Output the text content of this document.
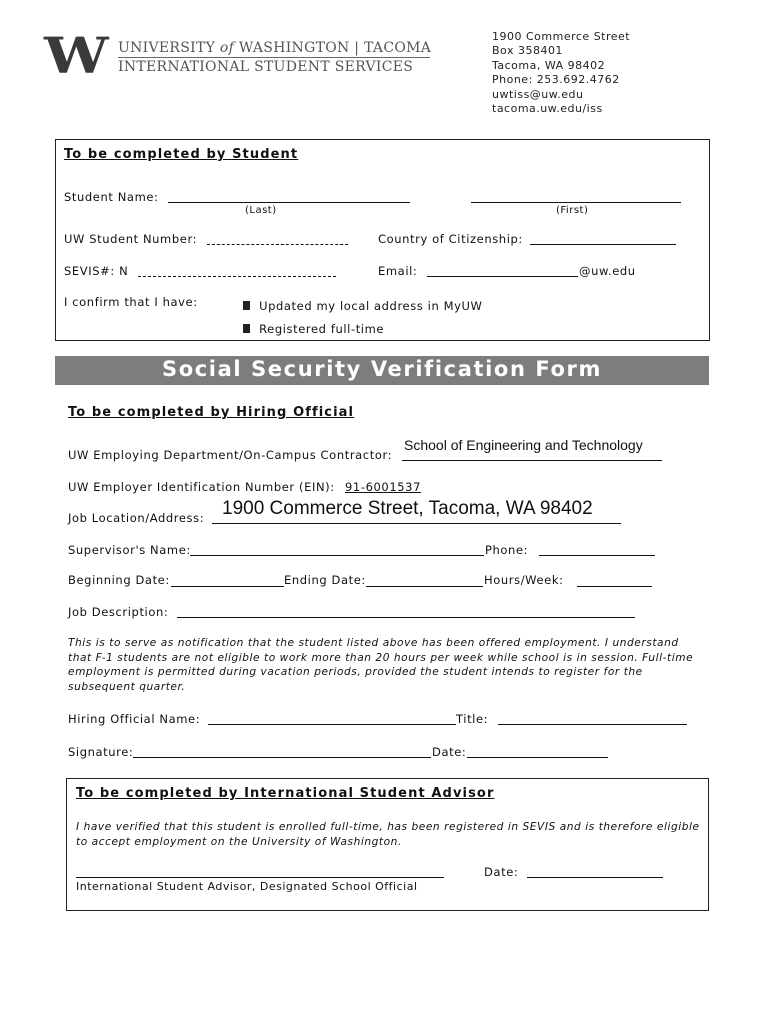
W UNIVERSITY of WASHINGTON | TACOMA
INTERNATIONAL STUDENT SERVICES
1900 Commerce Street
Box 358401
Tacoma, WA 98402
Phone: 253.692.4762
uwtiss@uw.edu
tacoma.uw.edu/iss
To be completed by Student
Student Name:
(Last)	(First)
UW Student Number:	Country of Citizenship:
SEVIS#: N	Email:	@uw.edu
I confirm that I have:	Updated my local address in MyUW
Registered full-time
Social Security Verification Form
To be completed by Hiring Official
UW Employing Department/On-Campus Contractor:
School of Engineering and Technology
UW Employer Identification Number (EIN): 91-6001537
Job Location/Address: 1900 Commerce Street, Tacoma, WA 98402
Supervisor's Name:	Phone:
Beginning Date:	Ending Date:	Hours/Week:
Job Description:
This is to serve as notification that the student listed above has been offered employment. I understand that F-1 students are not eligible to work more than 20 hours per week while school is in session. Full-time employment is permitted during vacation periods, provided the student intends to register for the subsequent quarter.
Hiring Official Name:	Title:
Signature:	Date:
To be completed by International Student Advisor
I have verified that this student is enrolled full-time, has been registered in SEVIS and is therefore eligible to accept employment on the University of Washington.
International Student Advisor, Designated School Official
Date:
